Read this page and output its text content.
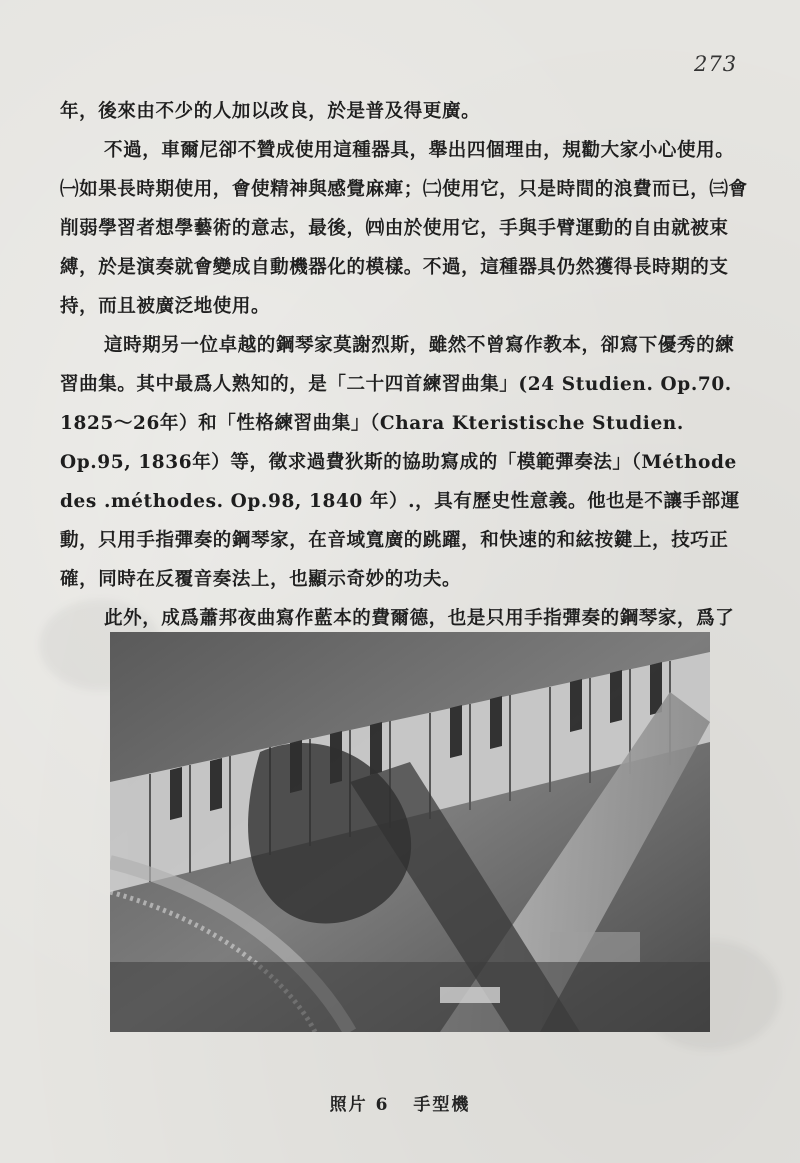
273

年，後來由不少的人加以改良，於是普及得更廣。

不過，車爾尼卻不贊成使用這種器具，舉出四個理由，規勸大家小心使用。㈠如果長時期使用，會使精神與感覺麻痺；㈡使用它，只是時間的浪費而已，㈢會削弱學習者想學藝術的意志，最後，㈣由於使用它，手與手臂運動的自由就被束縛，於是演奏就會變成自動機器化的模樣。不過，這種器具仍然獲得長時期的支持，而且被廣泛地使用。

這時期另一位卓越的鋼琴家莫謝烈斯，雖然不曾寫作教本，卻寫下優秀的練習曲集。其中最爲人熟知的，是「二十四首練習曲集」(24 Studien. Op.70. 1825～26年）和「性格練習曲集」（Chara Kteristische Studien. Op.95, 1836年）等，徵求過費狄斯的協助寫成的「模範彈奏法」（Méthode des .méthodes. Op.98, 1840 年）.，具有歷史性意義。他也是不讓手部運動，只用手指彈奏的鋼琴家，在音域寬廣的跳躍，和快速的和絃按鍵上，技巧正確，同時在反覆音奏法上，也顯示奇妙的功夫。

此外，成爲蕭邦夜曲寫作藍本的費爾德，也是只用手指彈奏的鋼琴家，爲了

照片 6 手型機
